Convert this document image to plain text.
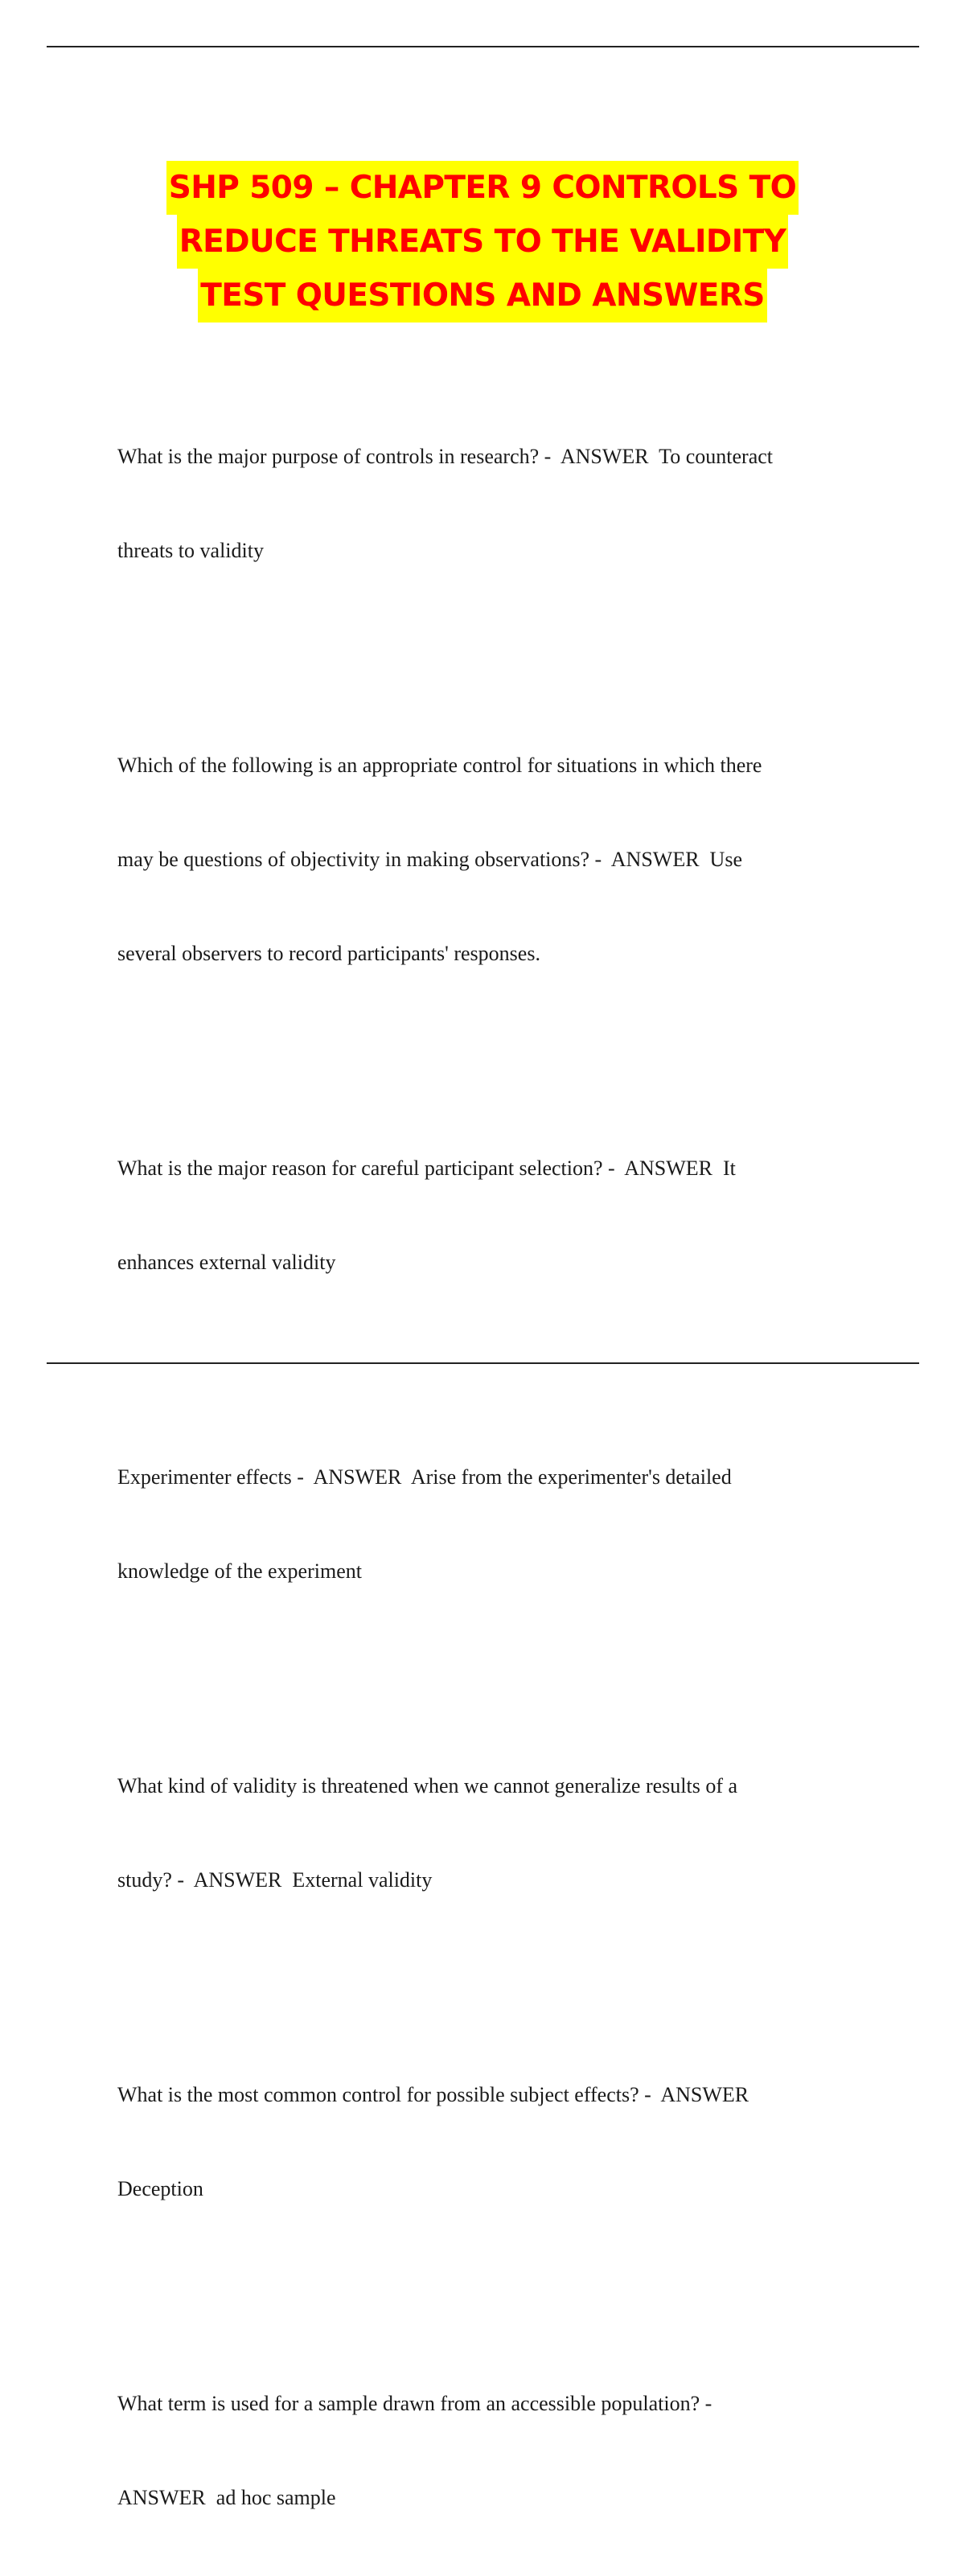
SHP 509 – CHAPTER 9 CONTROLS TO
REDUCE THREATS TO THE VALIDITY
TEST QUESTIONS AND ANSWERS

What is the major purpose of controls in research? -  ANSWER  To counteract

threats to validity

Which of the following is an appropriate control for situations in which there

may be questions of objectivity in making observations? -  ANSWER  Use

several observers to record participants' responses.

What is the major reason for careful participant selection? -  ANSWER  It

enhances external validity

Experimenter effects -  ANSWER  Arise from the experimenter's detailed

knowledge of the experiment

What kind of validity is threatened when we cannot generalize results of a

study? -  ANSWER  External validity

What is the most common control for possible subject effects? -  ANSWER

Deception

What term is used for a sample drawn from an accessible population? -

ANSWER  ad hoc sample
